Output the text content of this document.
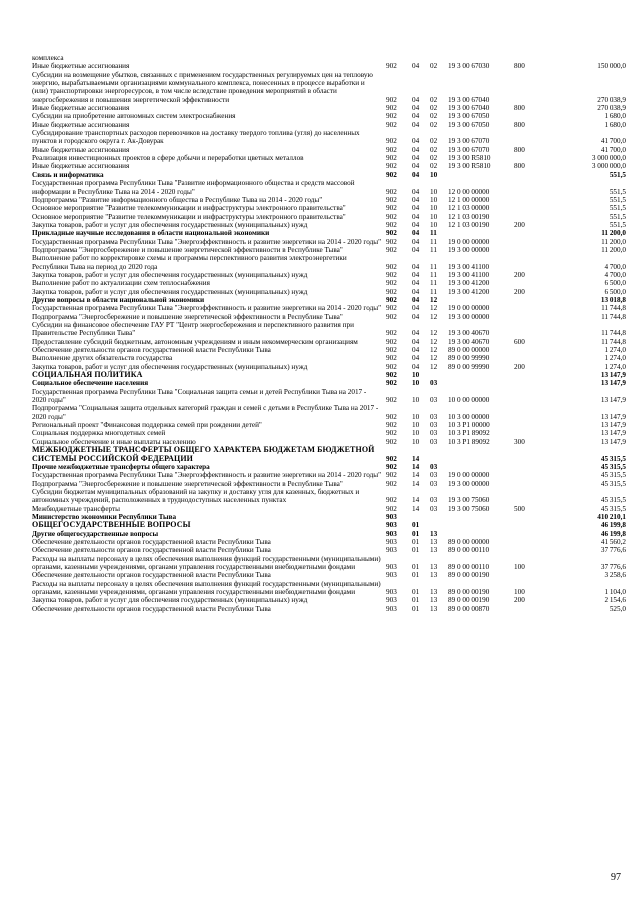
комплекса						
Иные бюджетные ассигнования	902	04	02	19 3 00 67030	800	150 000,0
Субсидии на возмещение убытков, связанных с применением государственных регулируемых цен на тепловую энергию, вырабатываемыми организациями коммунального комплекса, понесенных в процессе выработки и (или) транспортировки энергоресурсов, в том числе вследствие проведения мероприятий в области энергосбережения и повышения энергетической эффективности	902	04	02	19 3 00 67040		270 038,9
Иные бюджетные ассигнования	902	04	02	19 3 00 67040	800	270 038,9
Субсидии на приобретение автономных систем электроснабжения	902	04	02	19 3 00 67050		1 680,0
Иные бюджетные ассигнования	902	04	02	19 3 00 67050	800	1 680,0
Субсидирование транспортных расходов перевозчиков на доставку твердого топлива (угля) до населенных пунктов и городского округа г. Ак-Довурак	902	04	02	19 3 00 67070		41 700,0
Иные бюджетные ассигнования	902	04	02	19 3 00 67070	800	41 700,0
Реализация инвестиционных проектов в сфере добычи и переработки цветных металлов	902	04	02	19 3 00 R5810		3 000 000,0
Иные бюджетные ассигнования	902	04	02	19 3 00 R5810	800	3 000 000,0
Связь и информатика	902	04	10			551,5
Государственная программа Республики Тыва "Развитие информационного общества и средств массовой информации в Республике Тыва на 2014 - 2020 годы"	902	04	10	12 0 00 00000		551,5
Подпрограмма "Развитие информационного общества в Республике Тыва на 2014 - 2020 годы"	902	04	10	12 1 00 00000		551,5
Основное мероприятие "Развитие телекоммуникации и инфраструктуры электронного правительства"	902	04	10	12 1 03 00000		551,5
Основное мероприятие "Развитие телекоммуникации и инфраструктуры электронного правительства"	902	04	10	12 1 03 00190		551,5
Закупка товаров, работ и услуг для обеспечения государственных (муниципальных) нужд	902	04	10	12 1 03 00190	200	551,5
Прикладные научные исследования в области национальной экономики	902	04	11			11 200,0
Государственная программа Республики Тыва "Энергоэффективность и развитие энергетики на 2014 - 2020 годы"	902	04	11	19 0 00 00000		11 200,0
Подпрограмма "Энергосбережение и повышение энергетической эффективности в Республике Тыва"	902	04	11	19 3 00 00000		11 200,0
Выполнение работ по корректировке схемы и программы перспективного развития электроэнергетики Республики Тыва на период до 2020 года	902	04	11	19 3 00 41100		4 700,0
Закупка товаров, работ и услуг для обеспечения государственных (муниципальных) нужд	902	04	11	19 3 00 41100	200	4 700,0
Выполнение работ по актуализации схем теплоснабжения	902	04	11	19 3 00 41200		6 500,0
Закупка товаров, работ и услуг для обеспечения государственных (муниципальных) нужд	902	04	11	19 3 00 41200	200	6 500,0
Другие вопросы в области национальной экономики	902	04	12			13 018,8
Государственная программа Республики Тыва "Энергоэффективность и развитие энергетики на 2014 - 2020 годы"	902	04	12	19 0 00 00000		11 744,8
Подпрограмма "Энергосбережение и повышение энергетической эффективности в Республике Тыва"	902	04	12	19 3 00 00000		11 744,8
Субсидии на финансовое обеспечение ГАУ РТ "Центр энергосбережения и перспективного развития при Правительстве Республики Тыва"	902	04	12	19 3 00 40670		11 744,8
Предоставление субсидий бюджетным, автономным учреждениям и иным некоммерческим организациям	902	04	12	19 3 00 40670	600	11 744,8
Обеспечение деятельности органов государственной власти Республики Тыва	902	04	12	89 0 00 00000		1 274,0
Выполнение других обязательств государства	902	04	12	89 0 00 99990		1 274,0
Закупка товаров, работ и услуг для обеспечения государственных (муниципальных) нужд	902	04	12	89 0 00 99990	200	1 274,0
СОЦИАЛЬНАЯ ПОЛИТИКА	902	10				13 147,9
Социальное обеспечение населения	902	10	03			13 147,9
Государственная программа Республики Тыва "Социальная защита семьи и детей Республики Тыва на 2017 - 2020 годы"	902	10	03	10 0 00 00000		13 147,9
Подпрограмма "Социальная защита отдельных категорий граждан и семей с детьми в Республике Тыва на 2017 - 2020 годы"	902	10	03	10 3 00 00000		13 147,9
Региональный проект "Финансовая поддержка семей при рождении детей"	902	10	03	10 3 P1 00000		13 147,9
Социальная поддержка многодетных семей	902	10	03	10 3 P1 89092		13 147,9
Социальное обеспечение и иные выплаты населению	902	10	03	10 3 P1 89092	300	13 147,9
МЕЖБЮДЖЕТНЫЕ ТРАНСФЕРТЫ ОБЩЕГО ХАРАКТЕРА БЮДЖЕТАМ БЮДЖЕТНОЙ СИСТЕМЫ РОССИЙСКОЙ ФЕДЕРАЦИИ	902	14				45 315,5
Прочие межбюджетные трансферты общего характера	902	14	03			45 315,5
Государственная программа Республики Тыва "Энергоэффективность и развитие энергетики на 2014 - 2020 годы"	902	14	03	19 0 00 00000		45 315,5
Подпрограмма "Энергосбережение и повышение энергетической эффективности в Республике Тыва"	902	14	03	19 3 00 00000		45 315,5
Субсидии бюджетам муниципальных образований на закупку и доставку угля для казенных, бюджетных и автономных учреждений, расположенных в труднодоступных населенных пунктах	902	14	03	19 3 00 75060		45 315,5
Межбюджетные трансферты	902	14	03	19 3 00 75060	500	45 315,5
Министерство экономики Республики Тыва	903					410 210,1
ОБЩЕГОСУДАРСТВЕННЫЕ ВОПРОСЫ	903	01				46 199,8
Другие общегосударственные вопросы	903	01	13			46 199,8
Обеспечение деятельности органов государственной власти Республики Тыва	903	01	13	89 0 00 00000		41 560,2
Обеспечение деятельности органов государственной власти Республики Тыва	903	01	13	89 0 00 00110		37 776,6
Расходы на выплаты персоналу в целях обеспечения выполнения функций государственными (муниципальными) органами, казенными учреждениями, органами управления государственными внебюджетными фондами	903	01	13	89 0 00 00110	100	37 776,6
Обеспечение деятельности органов государственной власти Республики Тыва	903	01	13	89 0 00 00190		3 258,6
Расходы на выплаты персоналу в целях обеспечения выполнения функций государственными (муниципальными) органами, казенными учреждениями, органами управления государственными внебюджетными фондами	903	01	13	89 0 00 00190	100	1 104,0
Закупка товаров, работ и услуг для обеспечения государственных (муниципальных) нужд	903	01	13	89 0 00 00190	200	2 154,6
Обеспечение деятельности органов государственной власти Республики Тыва	903	01	13	89 0 00 00870		525,0
97
